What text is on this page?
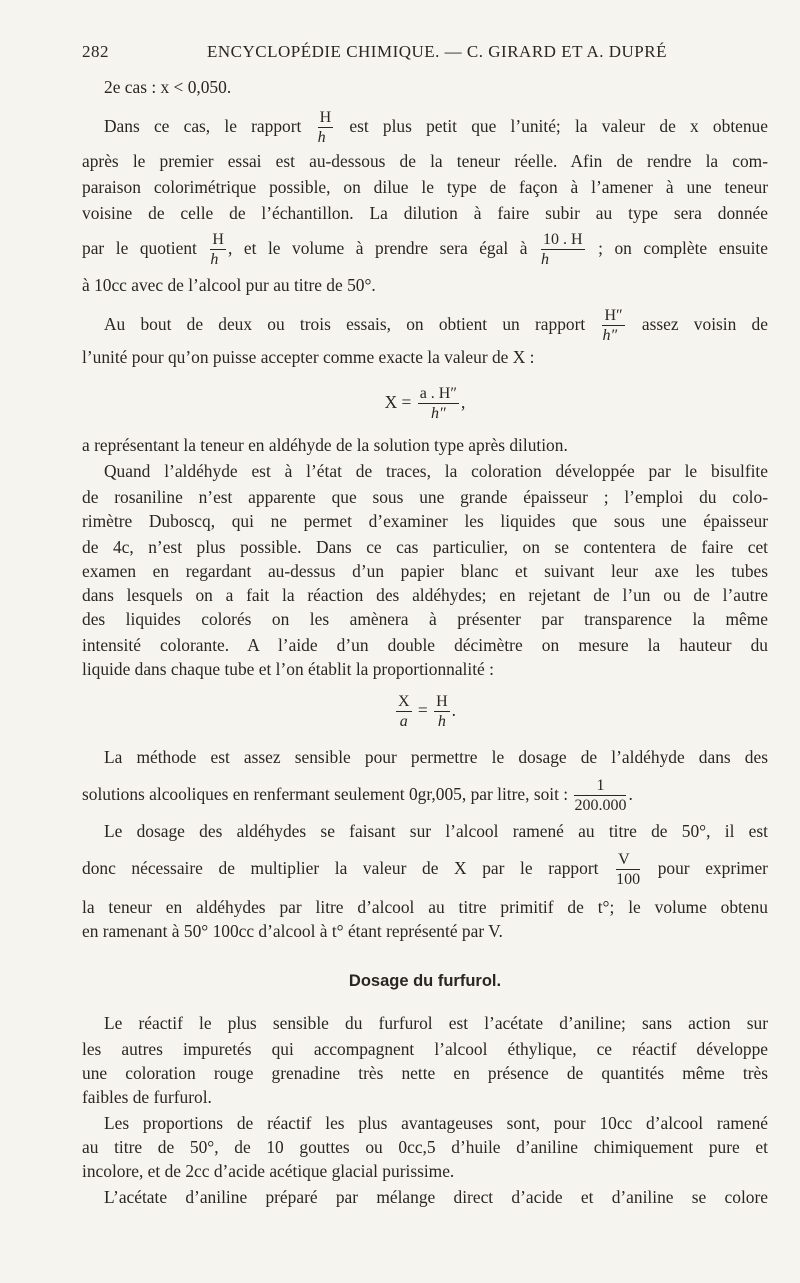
282	ENCYCLOPÉDIE CHIMIQUE. — C. GIRARD ET A. DUPRÉ
2e cas : x < 0,050.
Dans ce cas, le rapport $\frac{H}{h}$ est plus petit que l’unité; la valeur de x obtenue
après le premier essai est au-dessous de la teneur réelle. Afin de rendre la com-
paraison colorimétrique possible, on dilue le type de façon à l’amener à une teneur
voisine de celle de l’échantillon. La dilution à faire subir au type sera donnée
par le quotient $\frac{H}{h}$ , et le volume à prendre sera égal à $\frac{10 . H}{h}$ ; on complète ensuite
à 10cc avec de l’alcool pur au titre de 50°.
Au bout de deux ou trois essais, on obtient un rapport $\frac{H''}{h''}$ assez voisin de
l’unité pour qu’on puisse accepter comme exacte la valeur de X :
$X = \frac{a . H''}{h''}$ ,
a représentant la teneur en aldéhyde de la solution type après dilution.
Quand l’aldéhyde est à l’état de traces, la coloration développée par le bisulfite
de rosaniline n’est apparente que sous une grande épaisseur ; l’emploi du colo-
rimètre Duboscq, qui ne permet d’examiner les liquides que sous une épaisseur
de 4c, n’est plus possible. Dans ce cas particulier, on se contentera de faire cet
examen en regardant au-dessus d’un papier blanc et suivant leur axe les tubes
dans lesquels on a fait la réaction des aldéhydes; en rejetant de l’un ou de l’autre
des liquides colorés on les amènera à présenter par transparence la même
intensité colorante. A l’aide d’un double décimètre on mesure la hauteur du
liquide dans chaque tube et l’on établit la proportionnalité :
$\frac{X}{a} = \frac{H}{h}$ .
La méthode est assez sensible pour permettre le dosage de l’aldéhyde dans des
solutions alcooliques en renfermant seulement 0gr,005, par litre, soit : $\frac{1}{200.000}$ .
Le dosage des aldéhydes se faisant sur l’alcool ramené au titre de 50°, il est
donc nécessaire de multiplier la valeur de X par le rapport $\frac{V}{100}$ pour exprimer
la teneur en aldéhydes par litre d’alcool au titre primitif de t°; le volume obtenu
en ramenant à 50° 100cc d’alcool à t° étant représenté par V.
Dosage du furfurol.
Le réactif le plus sensible du furfurol est l’acétate d’aniline; sans action sur
les autres impuretés qui accompagnent l’alcool éthylique, ce réactif développe
une coloration rouge grenadine très nette en présence de quantités même très
faibles de furfurol.
Les proportions de réactif les plus avantageuses sont, pour 10cc d’alcool ramené
au titre de 50°, de 10 gouttes ou 0cc,5 d’huile d’aniline chimiquement pure et
incolore, et de 2cc d’acide acétique glacial purissime.
L’acétate d’aniline préparé par mélange direct d’acide et d’aniline se colore
